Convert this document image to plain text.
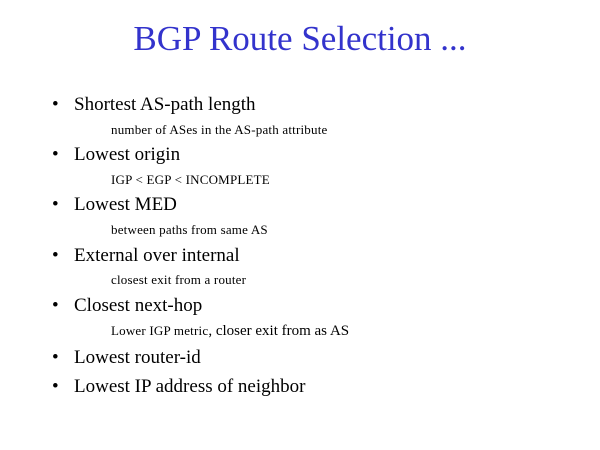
BGP Route Selection ...
• Shortest AS-path length
number of ASes in the AS-path attribute
• Lowest origin
IGP < EGP < INCOMPLETE
• Lowest MED
between paths from same AS
• External over internal
closest exit from a router
• Closest next-hop
Lower IGP metric, closer exit from as AS
• Lowest router-id
• Lowest IP address of neighbor
